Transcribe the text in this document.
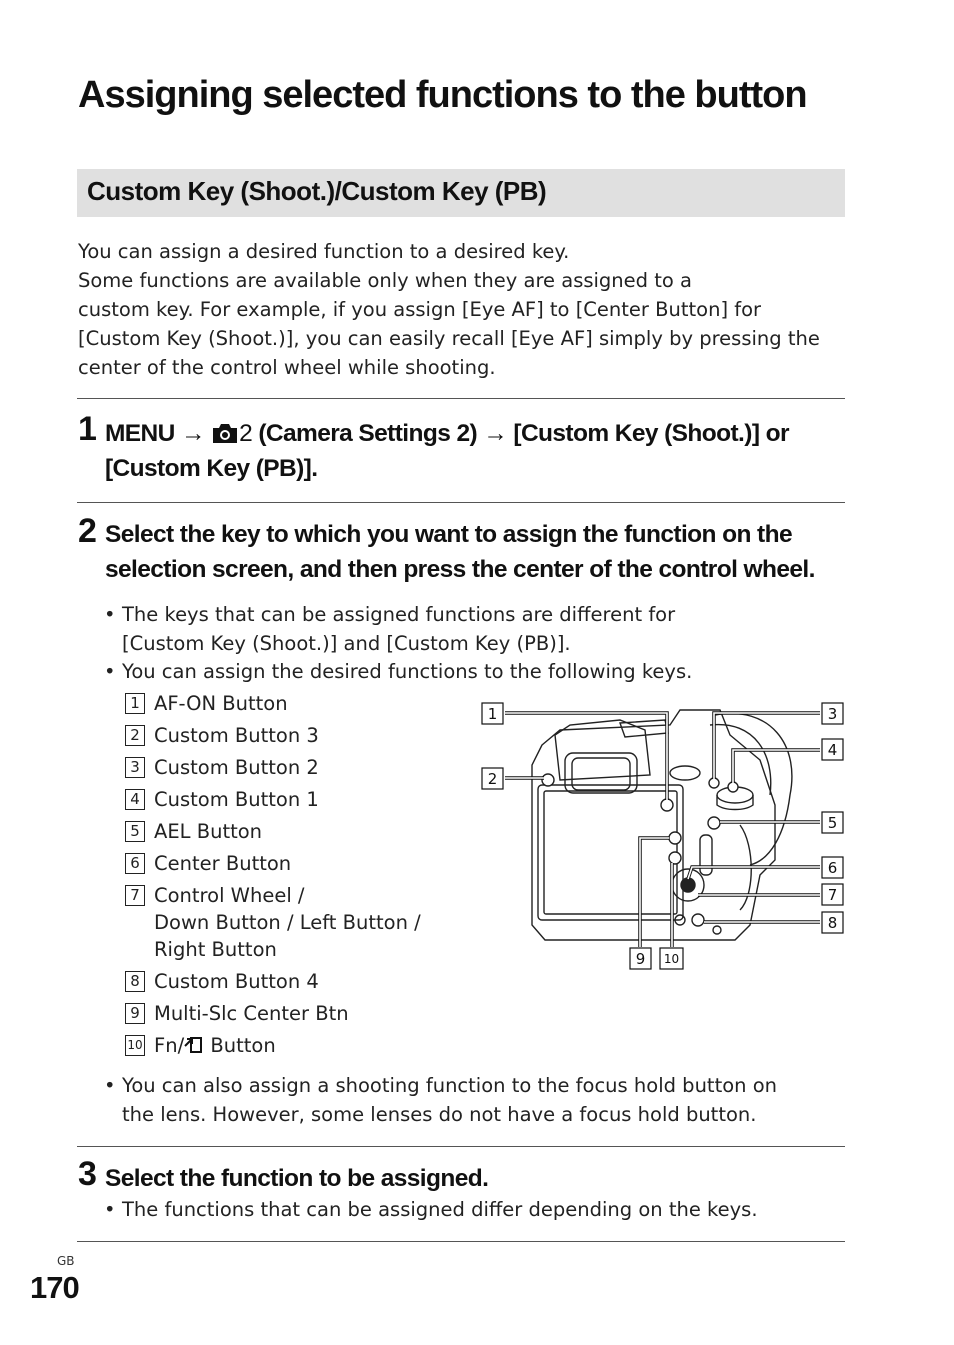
Assigning selected functions to the button
Custom Key (Shoot.)/Custom Key (PB)
You can assign a desired function to a desired key.
Some functions are available only when they are assigned to a
custom key. For example, if you assign [Eye AF] to [Center Button] for
[Custom Key (Shoot.)], you can easily recall [Eye AF] simply by pressing the
center of the control wheel while shooting.
1 MENU → 2 (Camera Settings 2) → [Custom Key (Shoot.)] or
[Custom Key (PB)].
2 Select the key to which you want to assign the function on the
selection screen, and then press the center of the control wheel.
• The keys that can be assigned functions are different for
[Custom Key (Shoot.)] and [Custom Key (PB)].
• You can assign the desired functions to the following keys.
1 AF-ON Button
2 Custom Button 3
3 Custom Button 2
4 Custom Button 1
5 AEL Button
6 Center Button
7 Control Wheel /
Down Button / Left Button /
Right Button
8 Custom Button 4
9 Multi-Slc Center Btn
10 Fn/ Button
1
2
3
4
5
6
7
8
9 10
• You can also assign a shooting function to the focus hold button on
the lens. However, some lenses do not have a focus hold button.
3 Select the function to be assigned.
• The functions that can be assigned differ depending on the keys.
GB
170
